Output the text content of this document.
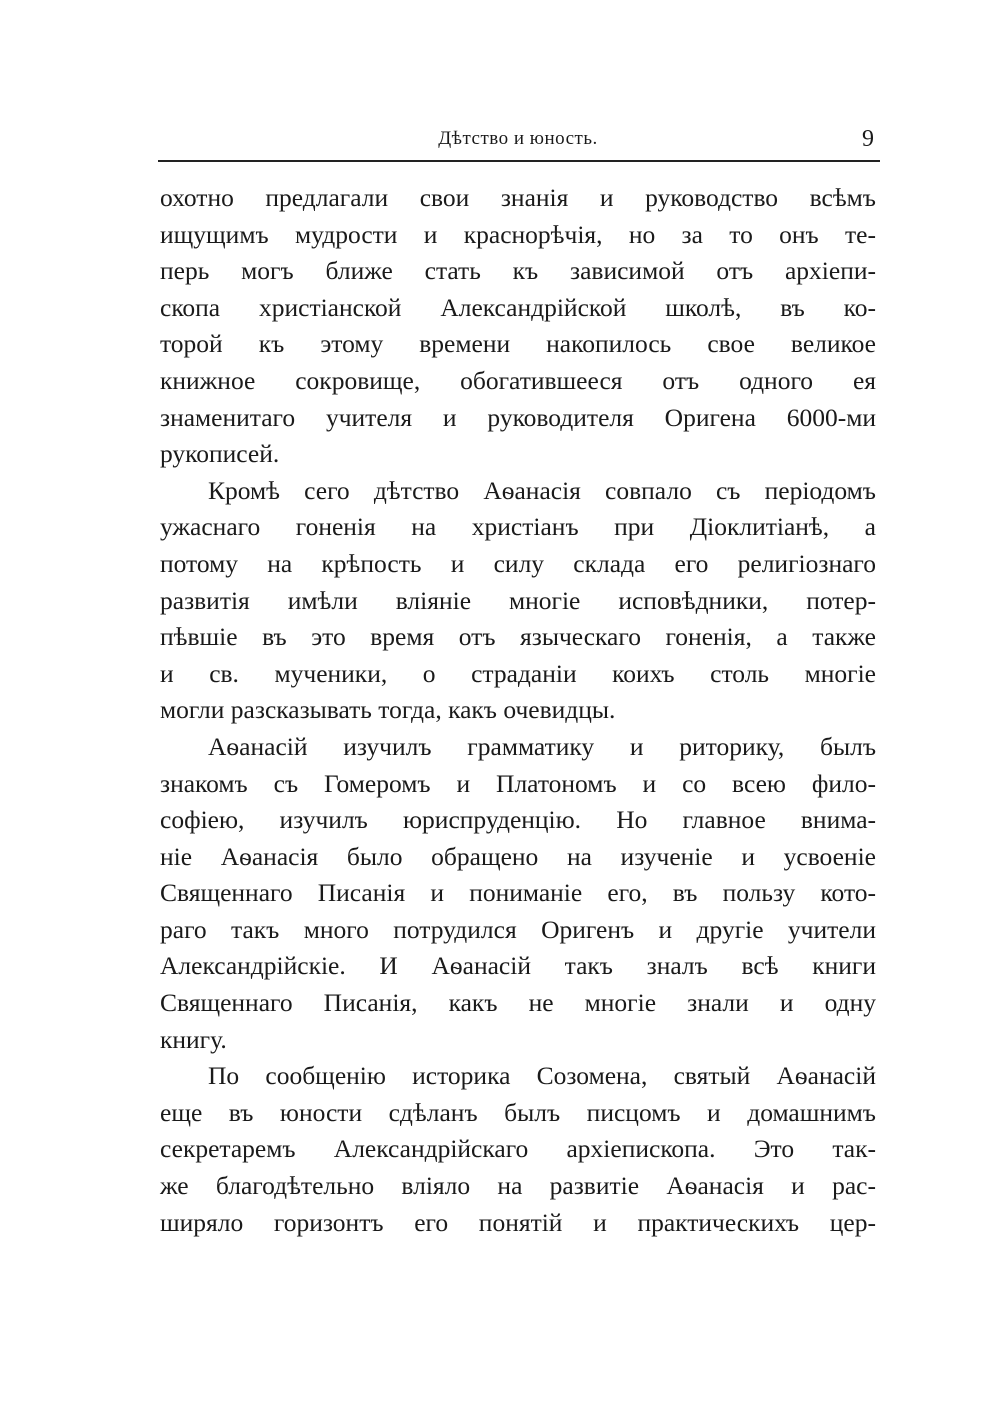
Дѣтство и юность.	9
охотно предлагали свои знанія и руководство всѣмъ
ищущимъ мудрости и краснорѣчія, но за то онъ те-
перь могъ ближе стать къ зависимой отъ архіепи-
скопа христіанской Александрійской школѣ, въ ко-
торой къ этому времени накопилось свое великое
книжное сокровище, обогатившееся отъ одного ея
знаменитаго учителя и руководителя Оригена 6000-ми
рукописей.
Кромѣ сего дѣтство Аѳанасія совпало съ періодомъ
ужаснаго гоненія на христіанъ при Діоклитіанѣ, а
потому на крѣпость и силу склада его религіознаго
развитія имѣли вліяніе многіе исповѣдники, потер-
пѣвшіе въ это время отъ языческаго гоненія, а также
и св. мученики, о страданіи коихъ столь многіе
могли разсказывать тогда, какъ очевидцы.
Аѳанасій изучилъ грамматику и риторику, былъ
знакомъ съ Гомеромъ и Платономъ и со всею фило-
софіею, изучилъ юриспруденцію. Но главное внима-
ніе Аѳанасія было обращено на изученіе и усвоеніе
Священнаго Писанія и пониманіе его, въ пользу кото-
раго такъ много потрудился Оригенъ и другіе учители
Александрійскіе. И Аѳанасій такъ зналъ всѣ книги
Священнаго Писанія, какъ не многіе знали и одну
книгу.
По сообщенію историка Созомена, святый Аѳанасій
еще въ юности сдѣланъ былъ писцомъ и домашнимъ
секретаремъ Александрійскаго архіепископа. Это так-
же благодѣтельно вліяло на развитіе Аѳанасія и рас-
ширяло горизонтъ его понятій и практическихъ цер-
